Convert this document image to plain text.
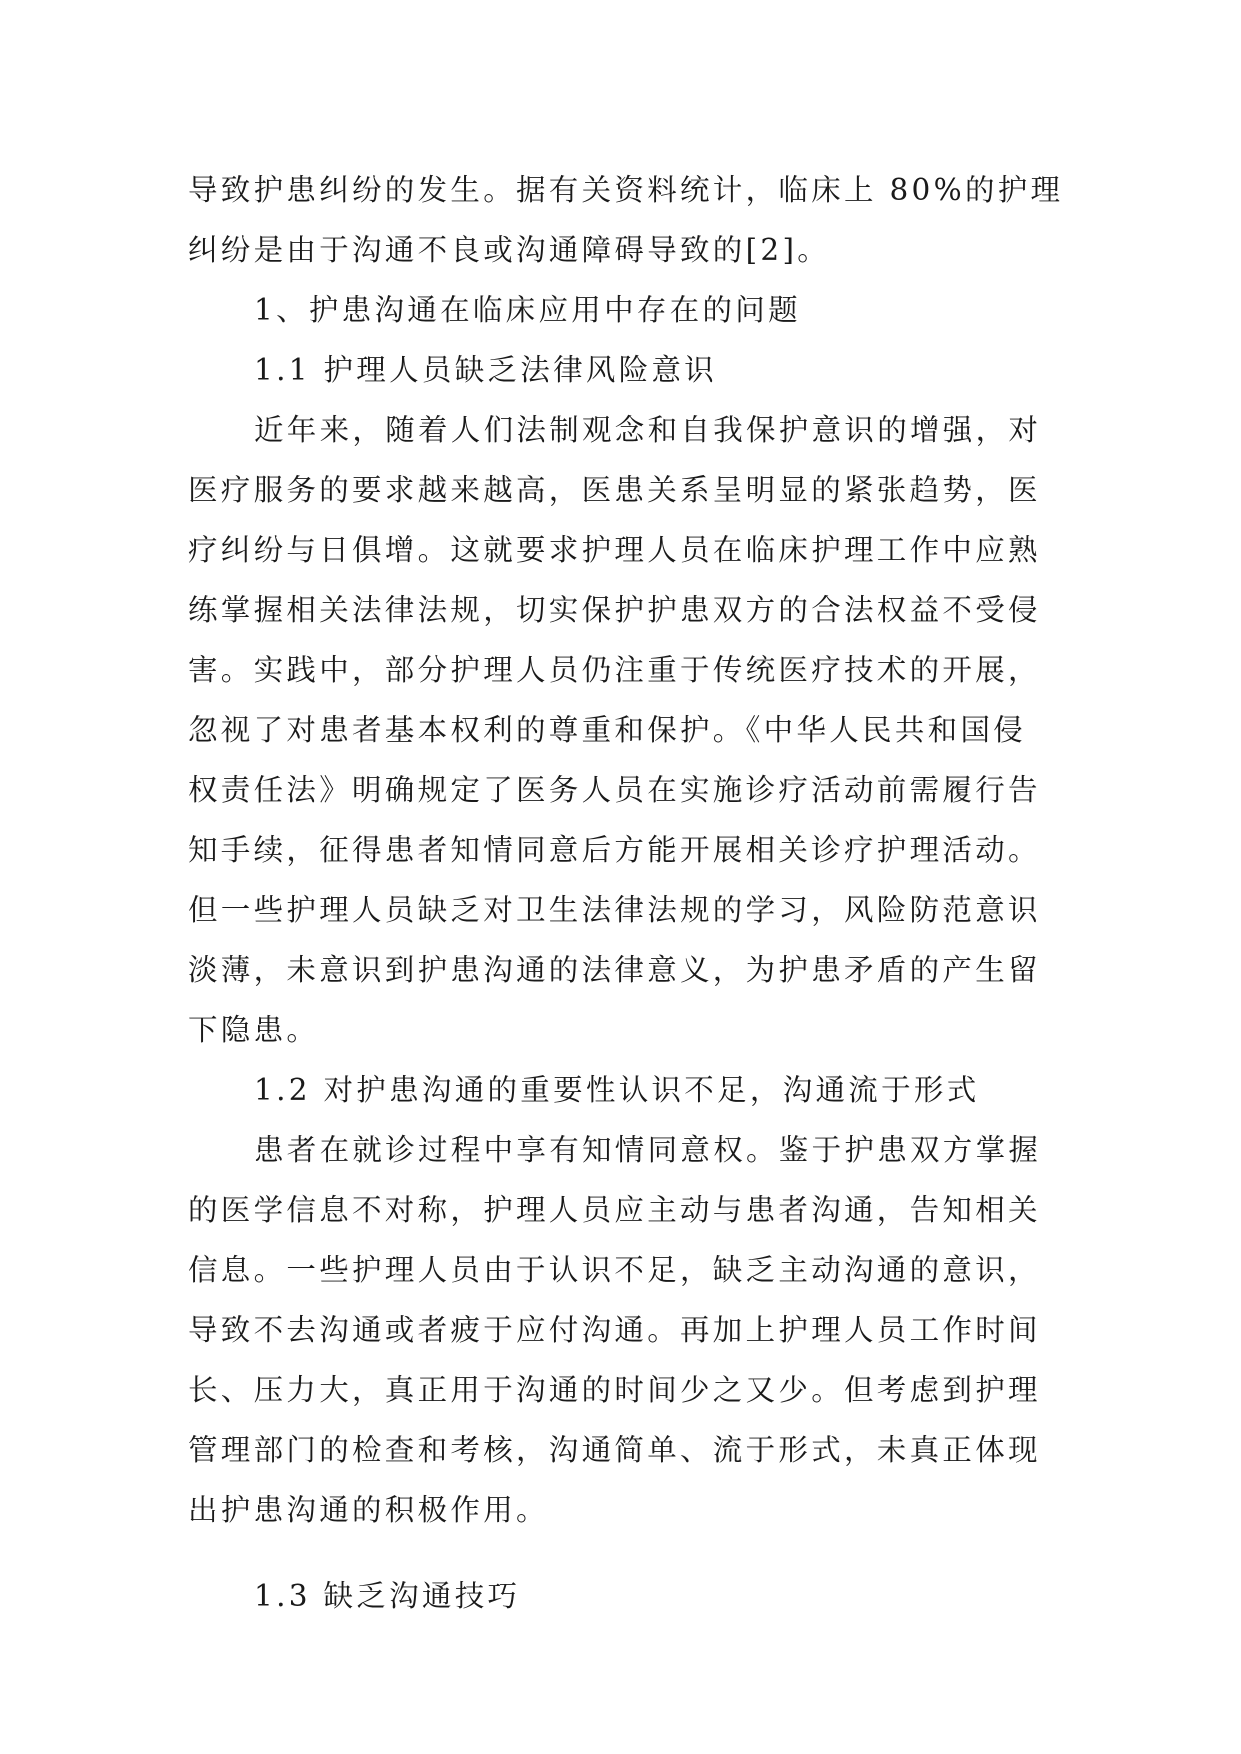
导致护患纠纷的发生。据有关资料统计，临床上 80%的护理
纠纷是由于沟通不良或沟通障碍导致的[2]。
1、护患沟通在临床应用中存在的问题
1.1 护理人员缺乏法律风险意识
近年来，随着人们法制观念和自我保护意识的增强，对
医疗服务的要求越来越高，医患关系呈明显的紧张趋势，医
疗纠纷与日俱增。这就要求护理人员在临床护理工作中应熟
练掌握相关法律法规，切实保护护患双方的合法权益不受侵
害。实践中，部分护理人员仍注重于传统医疗技术的开展，
忽视了对患者基本权利的尊重和保护。《中华人民共和国侵
权责任法》明确规定了医务人员在实施诊疗活动前需履行告
知手续，征得患者知情同意后方能开展相关诊疗护理活动。
但一些护理人员缺乏对卫生法律法规的学习，风险防范意识
淡薄，未意识到护患沟通的法律意义，为护患矛盾的产生留
下隐患。
1.2 对护患沟通的重要性认识不足，沟通流于形式
患者在就诊过程中享有知情同意权。鉴于护患双方掌握
的医学信息不对称，护理人员应主动与患者沟通，告知相关
信息。一些护理人员由于认识不足，缺乏主动沟通的意识，
导致不去沟通或者疲于应付沟通。再加上护理人员工作时间
长、压力大，真正用于沟通的时间少之又少。但考虑到护理
管理部门的检查和考核，沟通简单、流于形式，未真正体现
出护患沟通的积极作用。
1.3 缺乏沟通技巧
